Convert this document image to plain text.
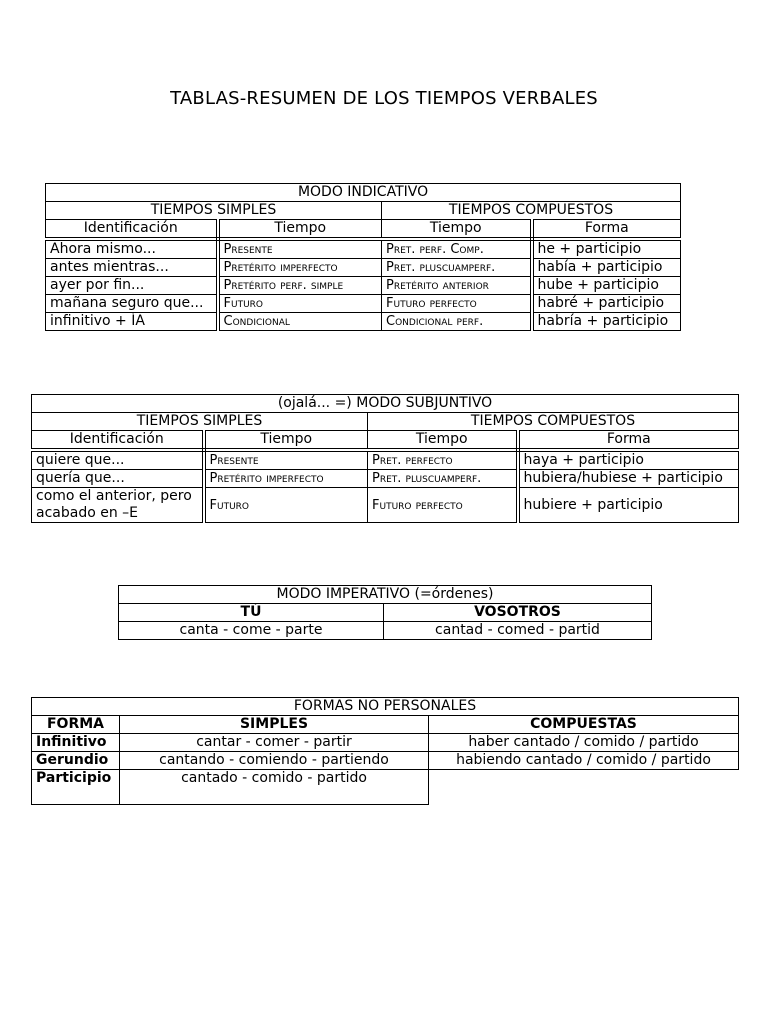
TABLAS-RESUMEN DE LOS TIEMPOS VERBALES
MODO INDICATIVO			
TIEMPOS SIMPLES		TIEMPOS COMPUESTOS	
Identificación	Tiempo	Tiempo	Forma
Ahora mismo...	Presente	Pret. perf. Comp.	he + participio
antes mientras...	Pretérito imperfecto	Pret. pluscuamperf.	había + participio
ayer por fin...	Pretérito perf. simple	Pretérito anterior	hube + participio
mañana seguro que...	Futuro	Futuro perfecto	habré + participio
infinitivo + ÍA	Condicional	Condicional perf.	habría + participio
(ojalá... =) MODO SUBJUNTIVO			
TIEMPOS SIMPLES		TIEMPOS COMPUESTOS	
Identificación	Tiempo	Tiempo	Forma
quiere que...	Presente	Pret. perfecto	haya + participio
quería que...	Pretérito imperfecto	Pret. pluscuamperf.	hubiera/hubiese + participio
como el anterior, pero acabado en –E	Futuro	Futuro perfecto	hubiere + participio
MODO IMPERATIVO (=órdenes)	
TÚ	VOSOTROS
canta - come - parte	cantad - comed - partid
FORMAS NO PERSONALES		
FORMA	SIMPLES	COMPUESTAS
Infinitivo	cantar - comer - partir	haber cantado / comido / partido
Gerundio	cantando - comiendo - partiendo	habiendo cantado / comido / partido
Participio	cantado - comido - partido	
